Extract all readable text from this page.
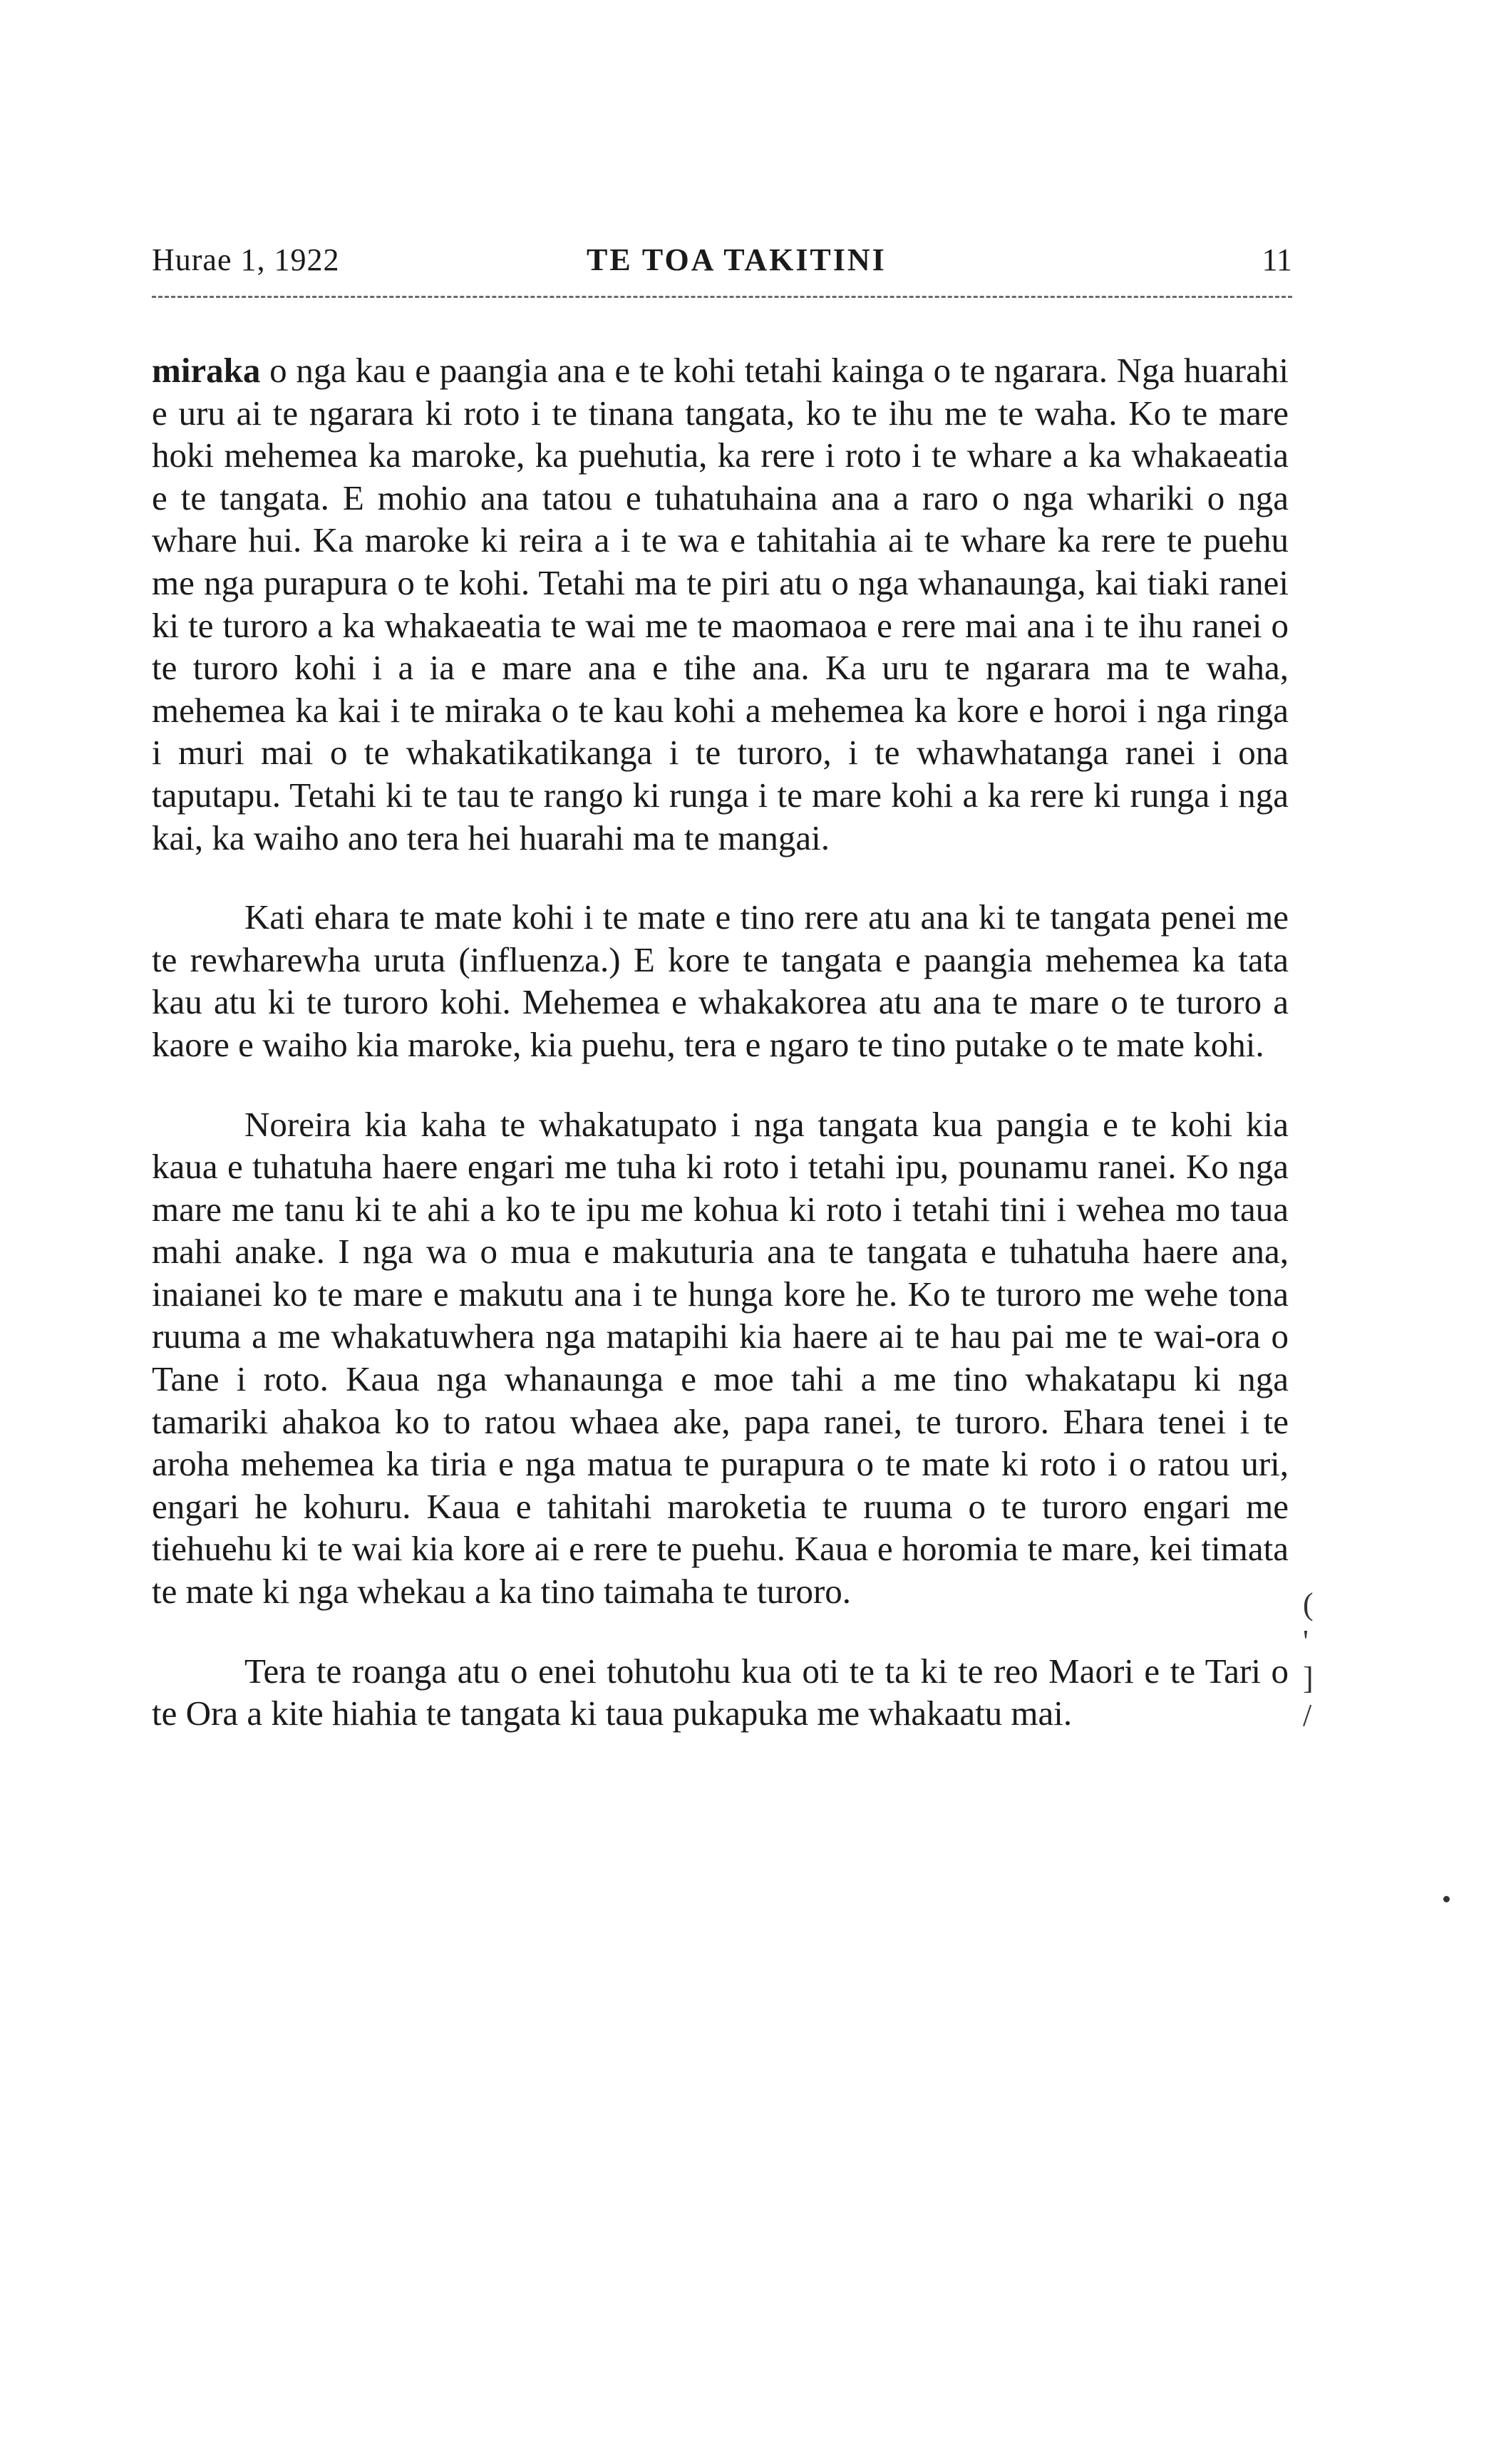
Hurae 1, 1922	TE TOA TAKITINI	11

miraka o nga kau e paangia ana e te kohi tetahi kainga o te ngarara. Nga huarahi e uru ai te ngarara ki roto i te tinana tangata, ko te ihu me te waha. Ko te mare hoki mehemea ka maroke, ka puehutia, ka rere i roto i te whare a ka whakaeatia e te tangata. E mohio ana tatou e tuhatuhaina ana a raro o nga whariki o nga whare hui. Ka maroke ki reira a i te wa e tahitahia ai te whare ka rere te puehu me nga purapura o te kohi. Tetahi ma te piri atu o nga whanaunga, kai tiaki ranei ki te turoro a ka whakaeatia te wai me te maomaoa e rere mai ana i te ihu ranei o te turoro kohi i a ia e mare ana e tihe ana. Ka uru te ngarara ma te waha, mehemea ka kai i te miraka o te kau kohi a mehemea ka kore e horoi i nga ringa i muri mai o te whakatikatikanga i te turoro, i te whawhatanga ranei i ona taputapu. Tetahi ki te tau te rango ki runga i te mare kohi a ka rere ki runga i nga kai, ka waiho ano tera hei huarahi ma te mangai.

Kati ehara te mate kohi i te mate e tino rere atu ana ki te tangata penei me te rewharewha uruta (influenza.) E kore te tangata e paangia mehemea ka tata kau atu ki te turoro kohi. Mehemea e whakakorea atu ana te mare o te turoro a kaore e waiho kia maroke, kia puehu, tera e ngaro te tino putake o te mate kohi.

Noreira kia kaha te whakatupato i nga tangata kua pangia e te kohi kia kaua e tuhatuha haere engari me tuha ki roto i tetahi ipu, pounamu ranei. Ko nga mare me tanu ki te ahi a ko te ipu me kohua ki roto i tetahi tini i wehea mo taua mahi anake. I nga wa o mua e makuturia ana te tangata e tuhatuha haere ana, inaianei ko te mare e makutu ana i te hunga kore he. Ko te turoro me wehe tona ruuma a me whakatuwhera nga matapihi kia haere ai te hau pai me te wai-ora o Tane i roto. Kaua nga whanaunga e moe tahi a me tino whakatapu ki nga tamariki ahakoa ko to ratou whaea ake, papa ranei, te turoro. Ehara tenei i te aroha mehemea ka tiria e nga matua te purapura o te mate ki roto i o ratou uri, engari he kohuru. Kaua e tahitahi maroketia te ruuma o te turoro engari me tiehuehu ki te wai kia kore ai e rere te puehu. Kaua e horomia te mare, kei timata te mate ki nga whekau a ka tino taimaha te turoro.

Tera te roanga atu o enei tohutohu kua oti te ta ki te reo Maori e te Tari o te Ora a kite hiahia te tangata ki taua pukapuka me whakaatu mai.

(
'
]
/
